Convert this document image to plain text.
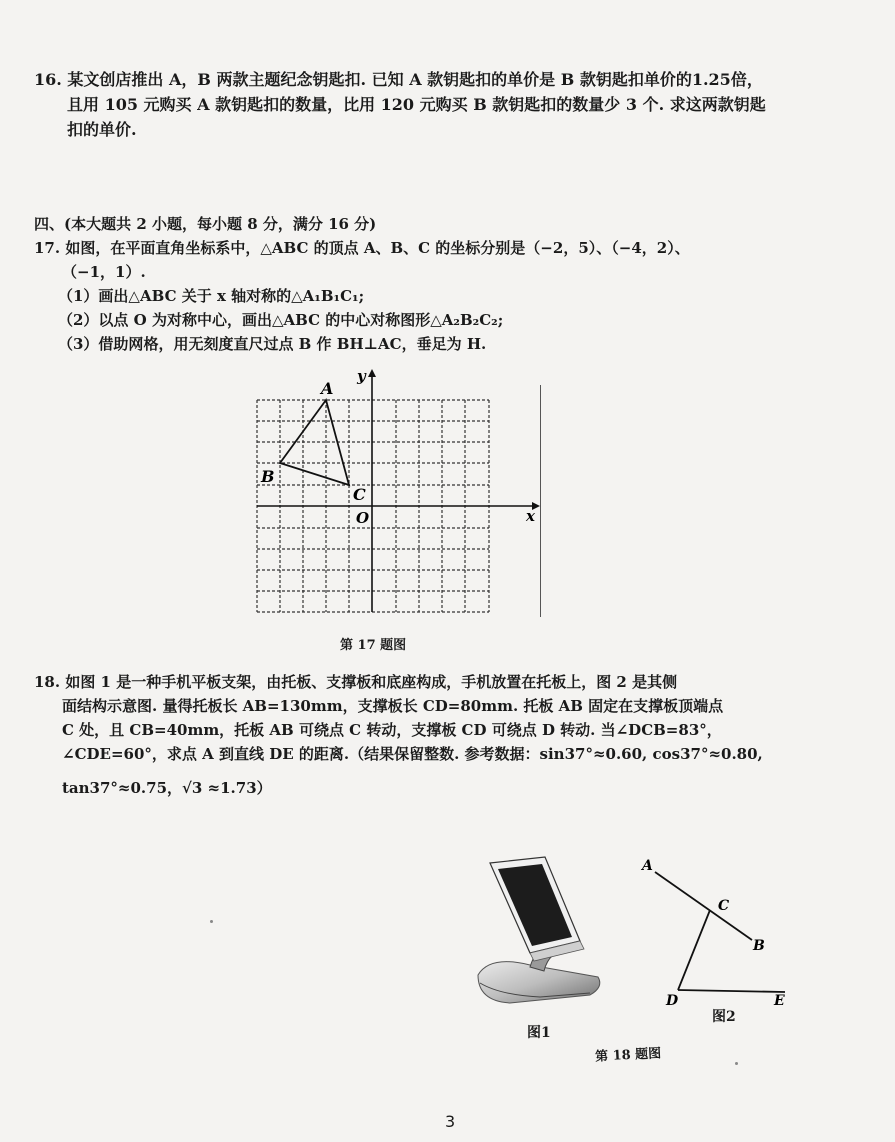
16. 某文创店推出 A，B 两款主题纪念钥匙扣. 已知 A 款钥匙扣的单价是 B 款钥匙扣单价的1.25倍，
且用 105 元购买 A 款钥匙扣的数量，比用 120 元购买 B 款钥匙扣的数量少 3 个. 求这两款钥匙
扣的单价.
四、(本大题共 2 小题，每小题 8 分，满分 16 分)
17. 如图，在平面直角坐标系中，△ABC 的顶点 A、B、C 的坐标分别是（−2，5）、（−4，2）、
（−1，1）.
（1）画出△ABC 关于 x 轴对称的△A₁B₁C₁;
（2）以点 O 为对称中心，画出△ABC 的中心对称图形△A₂B₂C₂;
（3）借助网格，用无刻度直尺过点 B 作 BH⊥AC，垂足为 H.
y
x
O
A
B
C
第 17 题图
18. 如图 1 是一种手机平板支架，由托板、支撑板和底座构成，手机放置在托板上，图 2 是其侧
面结构示意图. 量得托板长 AB=130mm，支撑板长 CD=80mm. 托板 AB 固定在支撑板顶端点
C 处，且 CB=40mm，托板 AB 可绕点 C 转动，支撑板 CD 可绕点 D 转动. 当∠DCB=83°，
∠CDE=60°，求点 A 到直线 DE 的距离.（结果保留整数. 参考数据：sin37°≈0.60, cos37°≈0.80,
tan37°≈0.75，√3 ≈1.73）
图1
A
C
B
D	E
图2
第 18 题图
3
